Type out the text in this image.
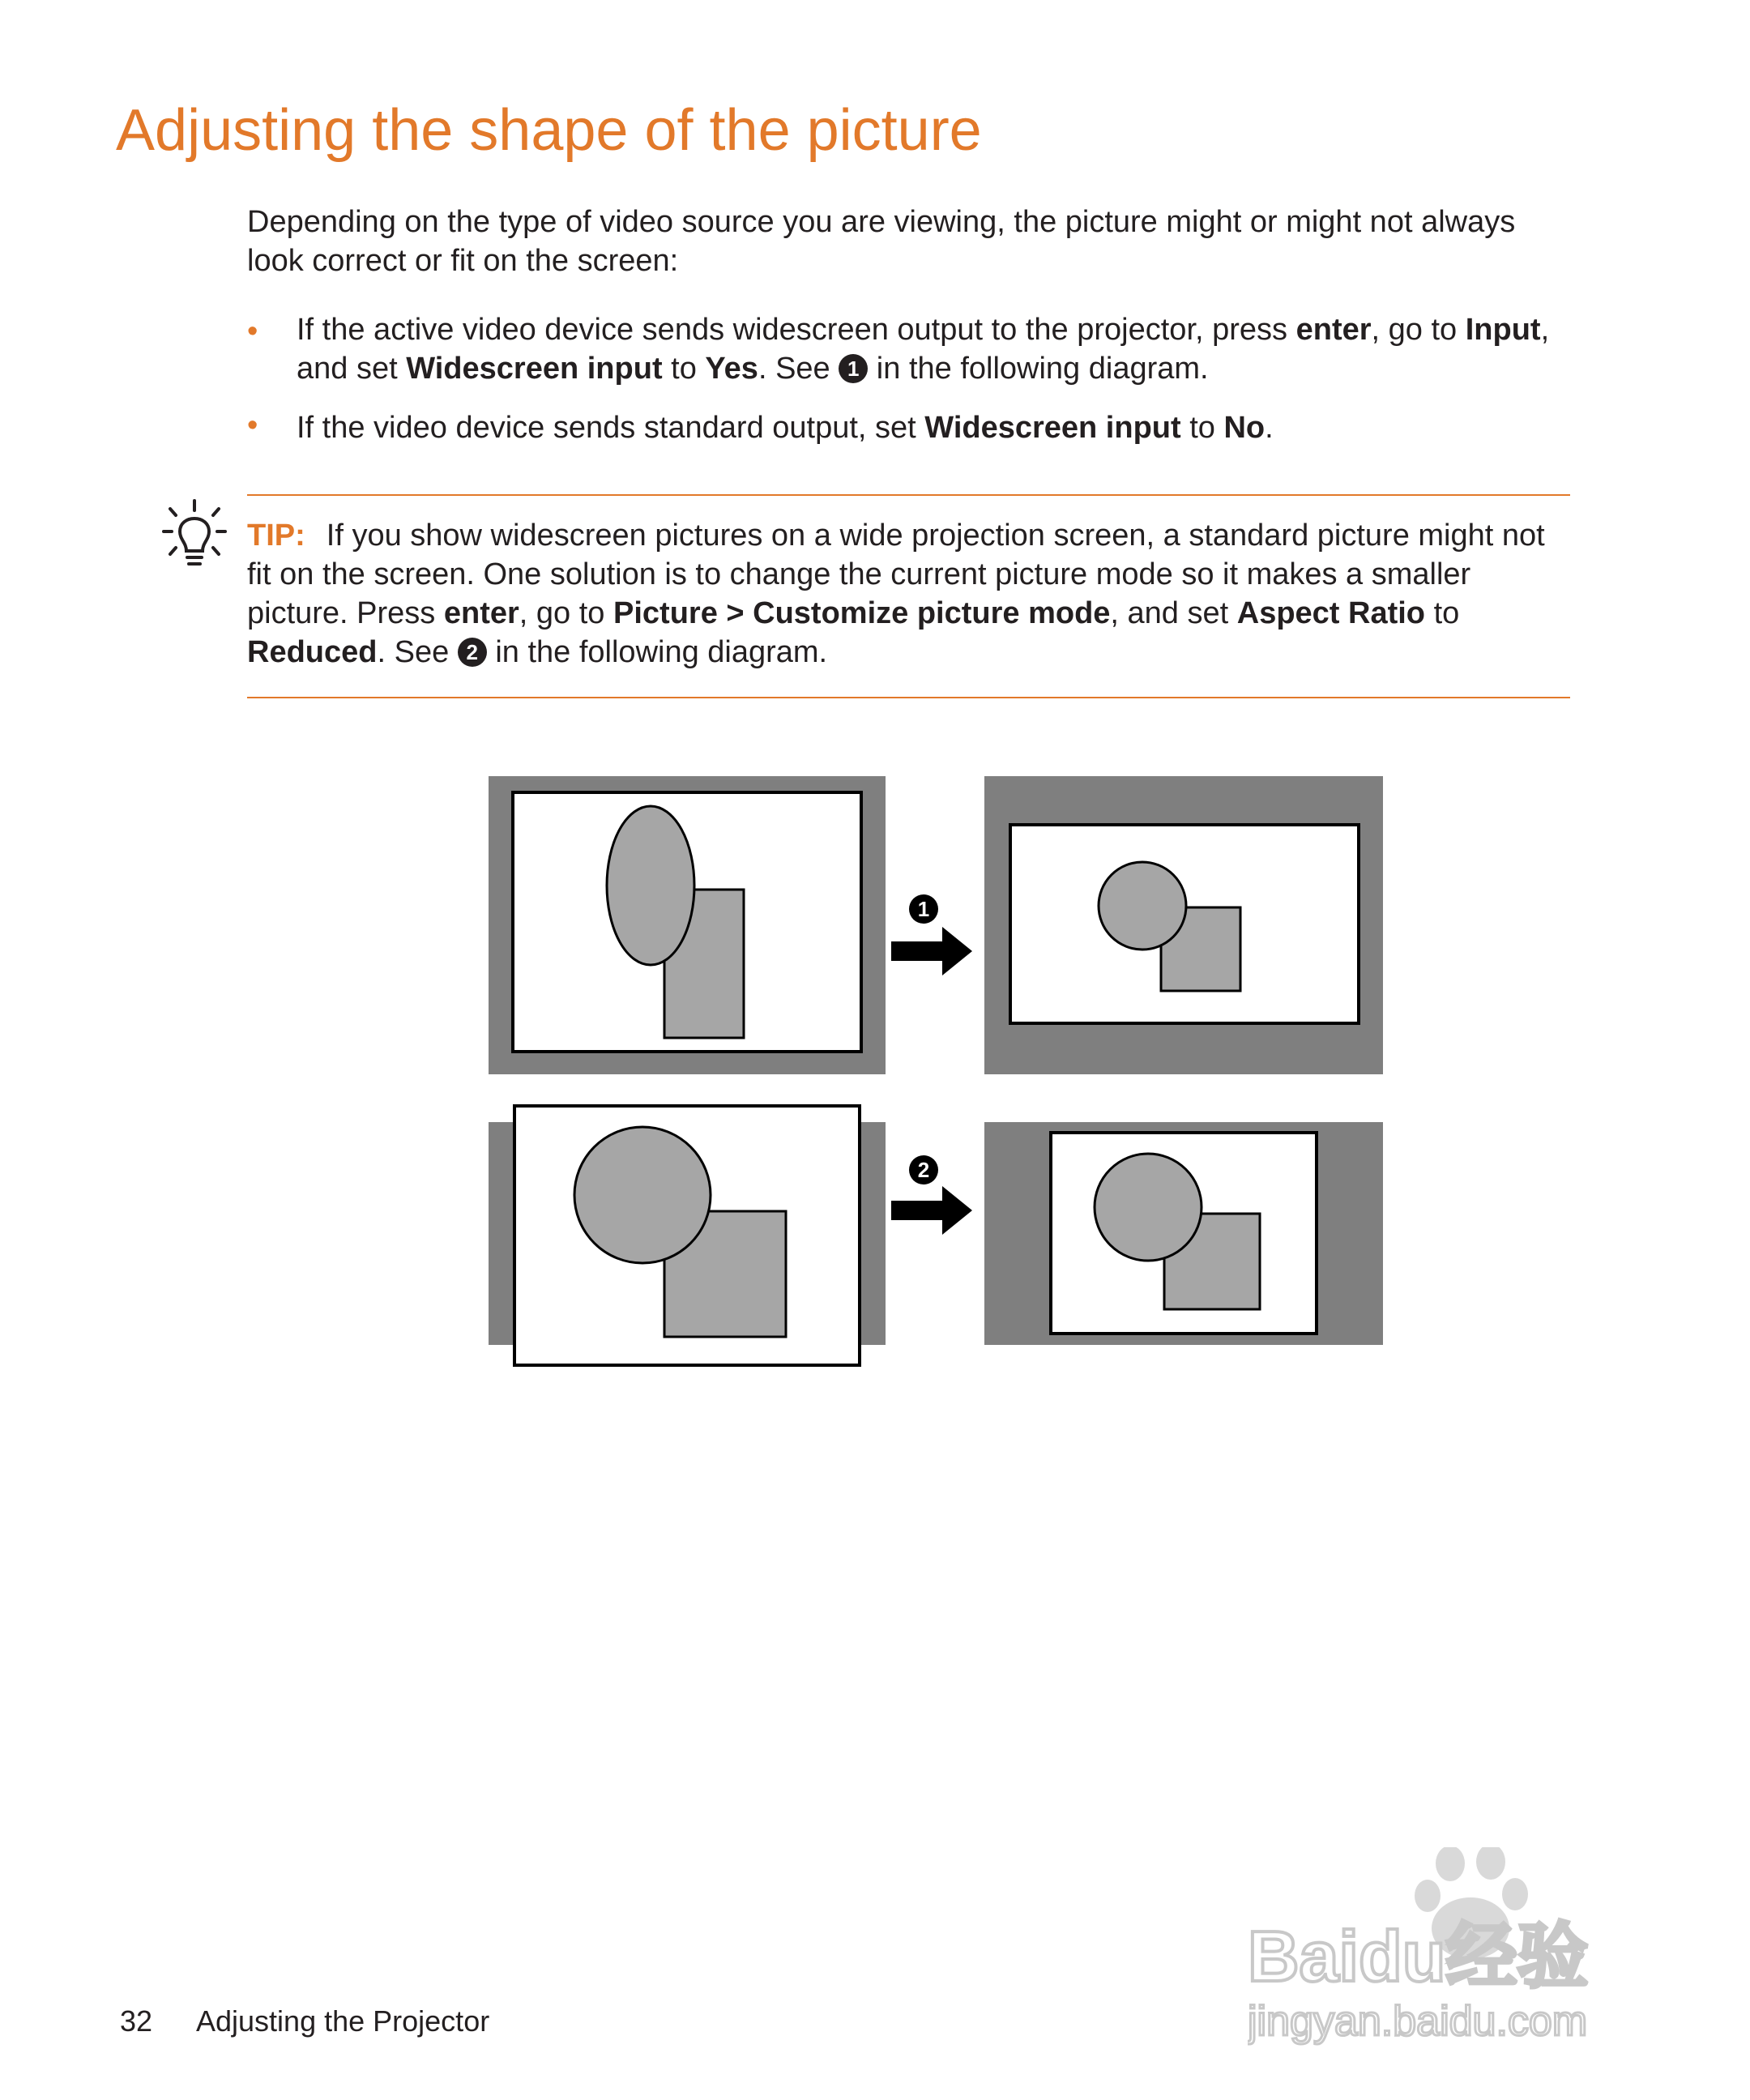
Adjusting the shape of the picture
Depending on the type of video source you are viewing, the picture might or might not always look correct or fit on the screen:
• If the active video device sends widescreen output to the projector, press enter, go to Input, and set Widescreen input to Yes. See 1 in the following diagram.
• If the video device sends standard output, set Widescreen input to No.
TIP: If you show widescreen pictures on a wide projection screen, a standard picture might not fit on the screen. One solution is to change the current picture mode so it makes a smaller picture. Press enter, go to Picture > Customize picture mode, and set Aspect Ratio to Reduced. See 2 in the following diagram.
1
2
32 Adjusting the Projector
Baidu经验
jingyan.baidu.com
